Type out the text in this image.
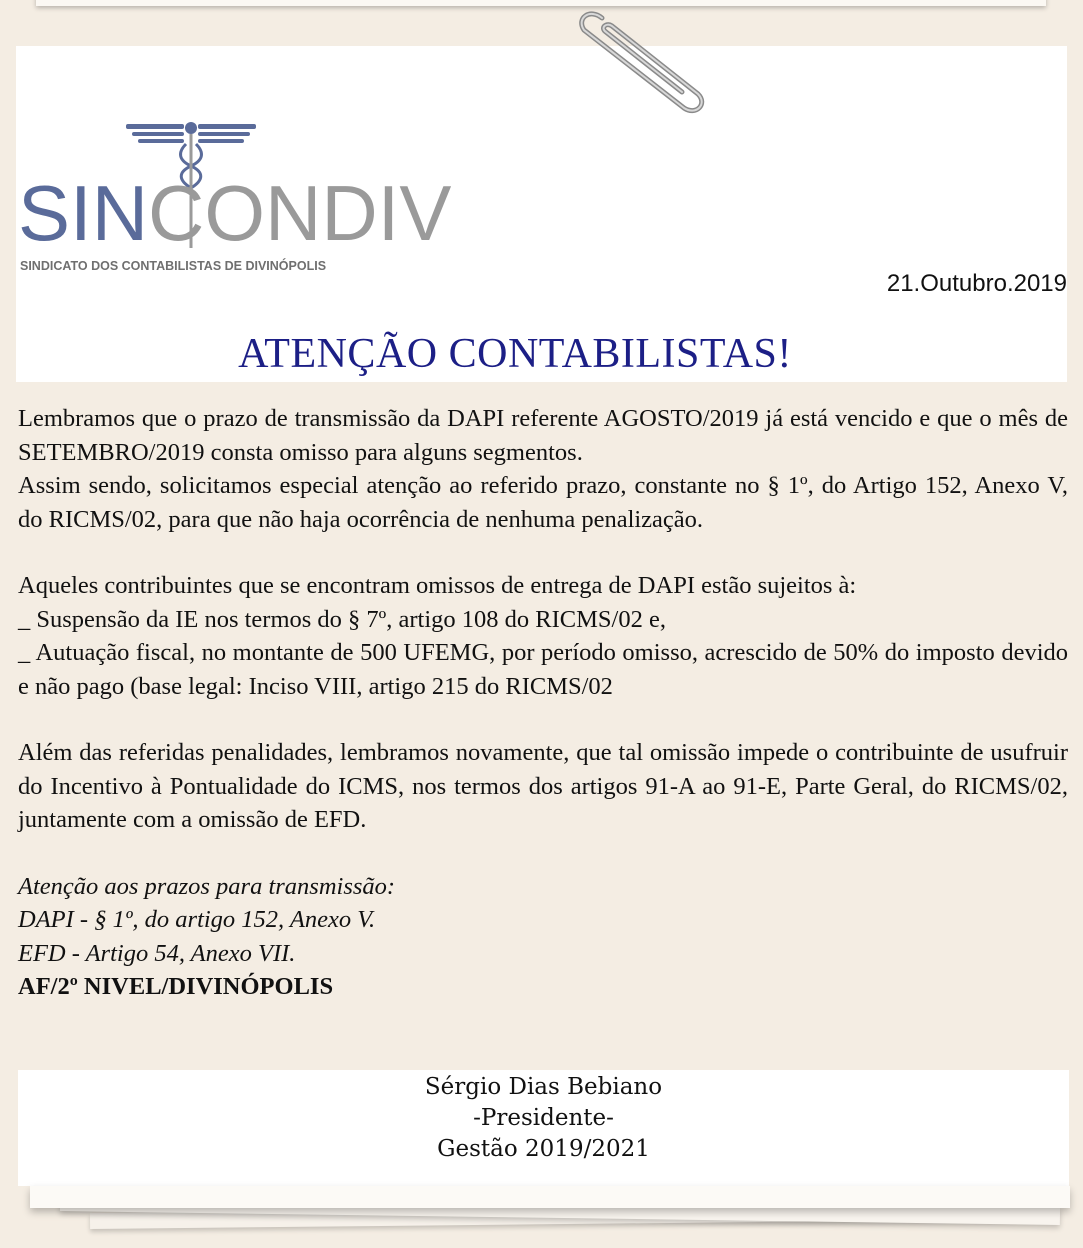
SIN CONDIV
SINDICATO DOS CONTABILISTAS DE DIVINÓPOLIS
21.Outubro.2019
ATENÇÃO CONTABILISTAS!

Lembramos que o prazo de transmissão da DAPI referente AGOSTO/2019 já está vencido e que o mês de SETEMBRO/2019 consta omisso para alguns segmentos.

Assim sendo, solicitamos especial atenção ao referido prazo, constante no § 1º, do Artigo 152, Anexo V, do RICMS/02, para que não haja ocorrência de nenhuma penalização.

Aqueles contribuintes que se encontram omissos de entrega de DAPI estão sujeitos à:

_ Suspensão da IE nos termos do § 7º, artigo 108 do RICMS/02 e,

_ Autuação fiscal, no montante de 500 UFEMG, por período omisso, acrescido de 50% do imposto devido e não pago (base legal: Inciso VIII, artigo 215 do RICMS/02

Além das referidas penalidades, lembramos novamente, que tal omissão impede o contribuinte de usufruir do Incentivo à Pontualidade do ICMS, nos termos dos artigos 91-A ao 91-E, Parte Geral, do RICMS/02, juntamente com a omissão de EFD.

Atenção aos prazos para transmissão:

DAPI - § 1º, do artigo 152, Anexo V.

EFD - Artigo 54, Anexo VII.

AF/2º NIVEL/DIVINÓPOLIS

Sérgio Dias Bebiano
-Presidente-
Gestão 2019/2021
